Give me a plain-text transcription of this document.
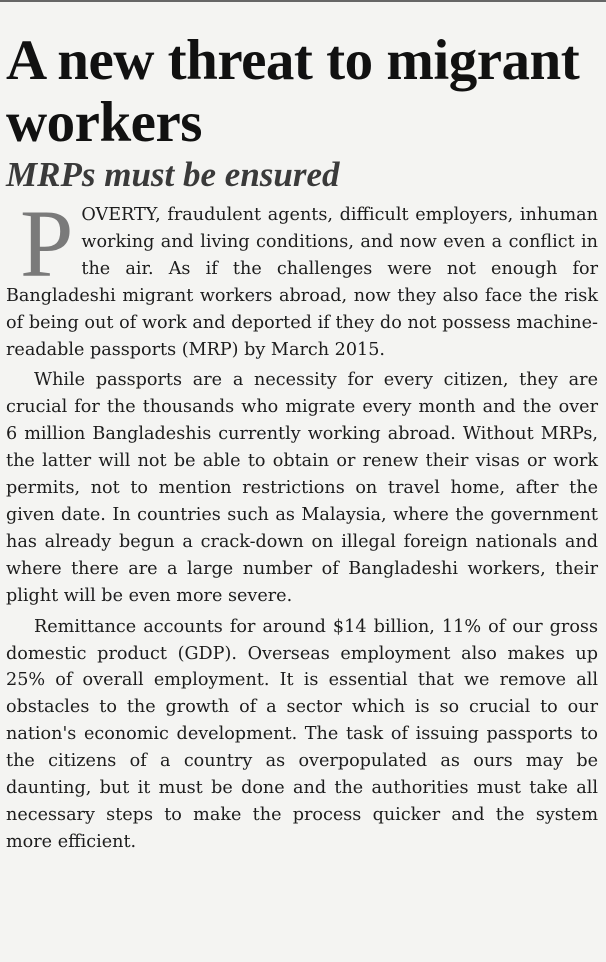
A new threat to migrant workers
MRPs must be ensured

POVERTY, fraudulent agents, difficult employers, inhuman working and living conditions, and now even a conflict in the air. As if the challenges were not enough for Bangladeshi migrant workers abroad, now they also face the risk of being out of work and deported if they do not possess machine-readable passports (MRP) by March 2015.

While passports are a necessity for every citizen, they are crucial for the thousands who migrate every month and the over 6 million Bangladeshis currently working abroad. Without MRPs, the latter will not be able to obtain or renew their visas or work permits, not to mention restrictions on travel home, after the given date. In countries such as Malaysia, where the government has already begun a crack-down on illegal foreign nationals and where there are a large number of Bangladeshi workers, their plight will be even more severe.

Remittance accounts for around $14 billion, 11% of our gross domestic product (GDP). Overseas employment also makes up 25% of overall employment. It is essential that we remove all obstacles to the growth of a sector which is so crucial to our nation's economic development. The task of issuing passports to the citizens of a country as overpopulated as ours may be daunting, but it must be done and the authorities must take all necessary steps to make the process quicker and the system more efficient.
